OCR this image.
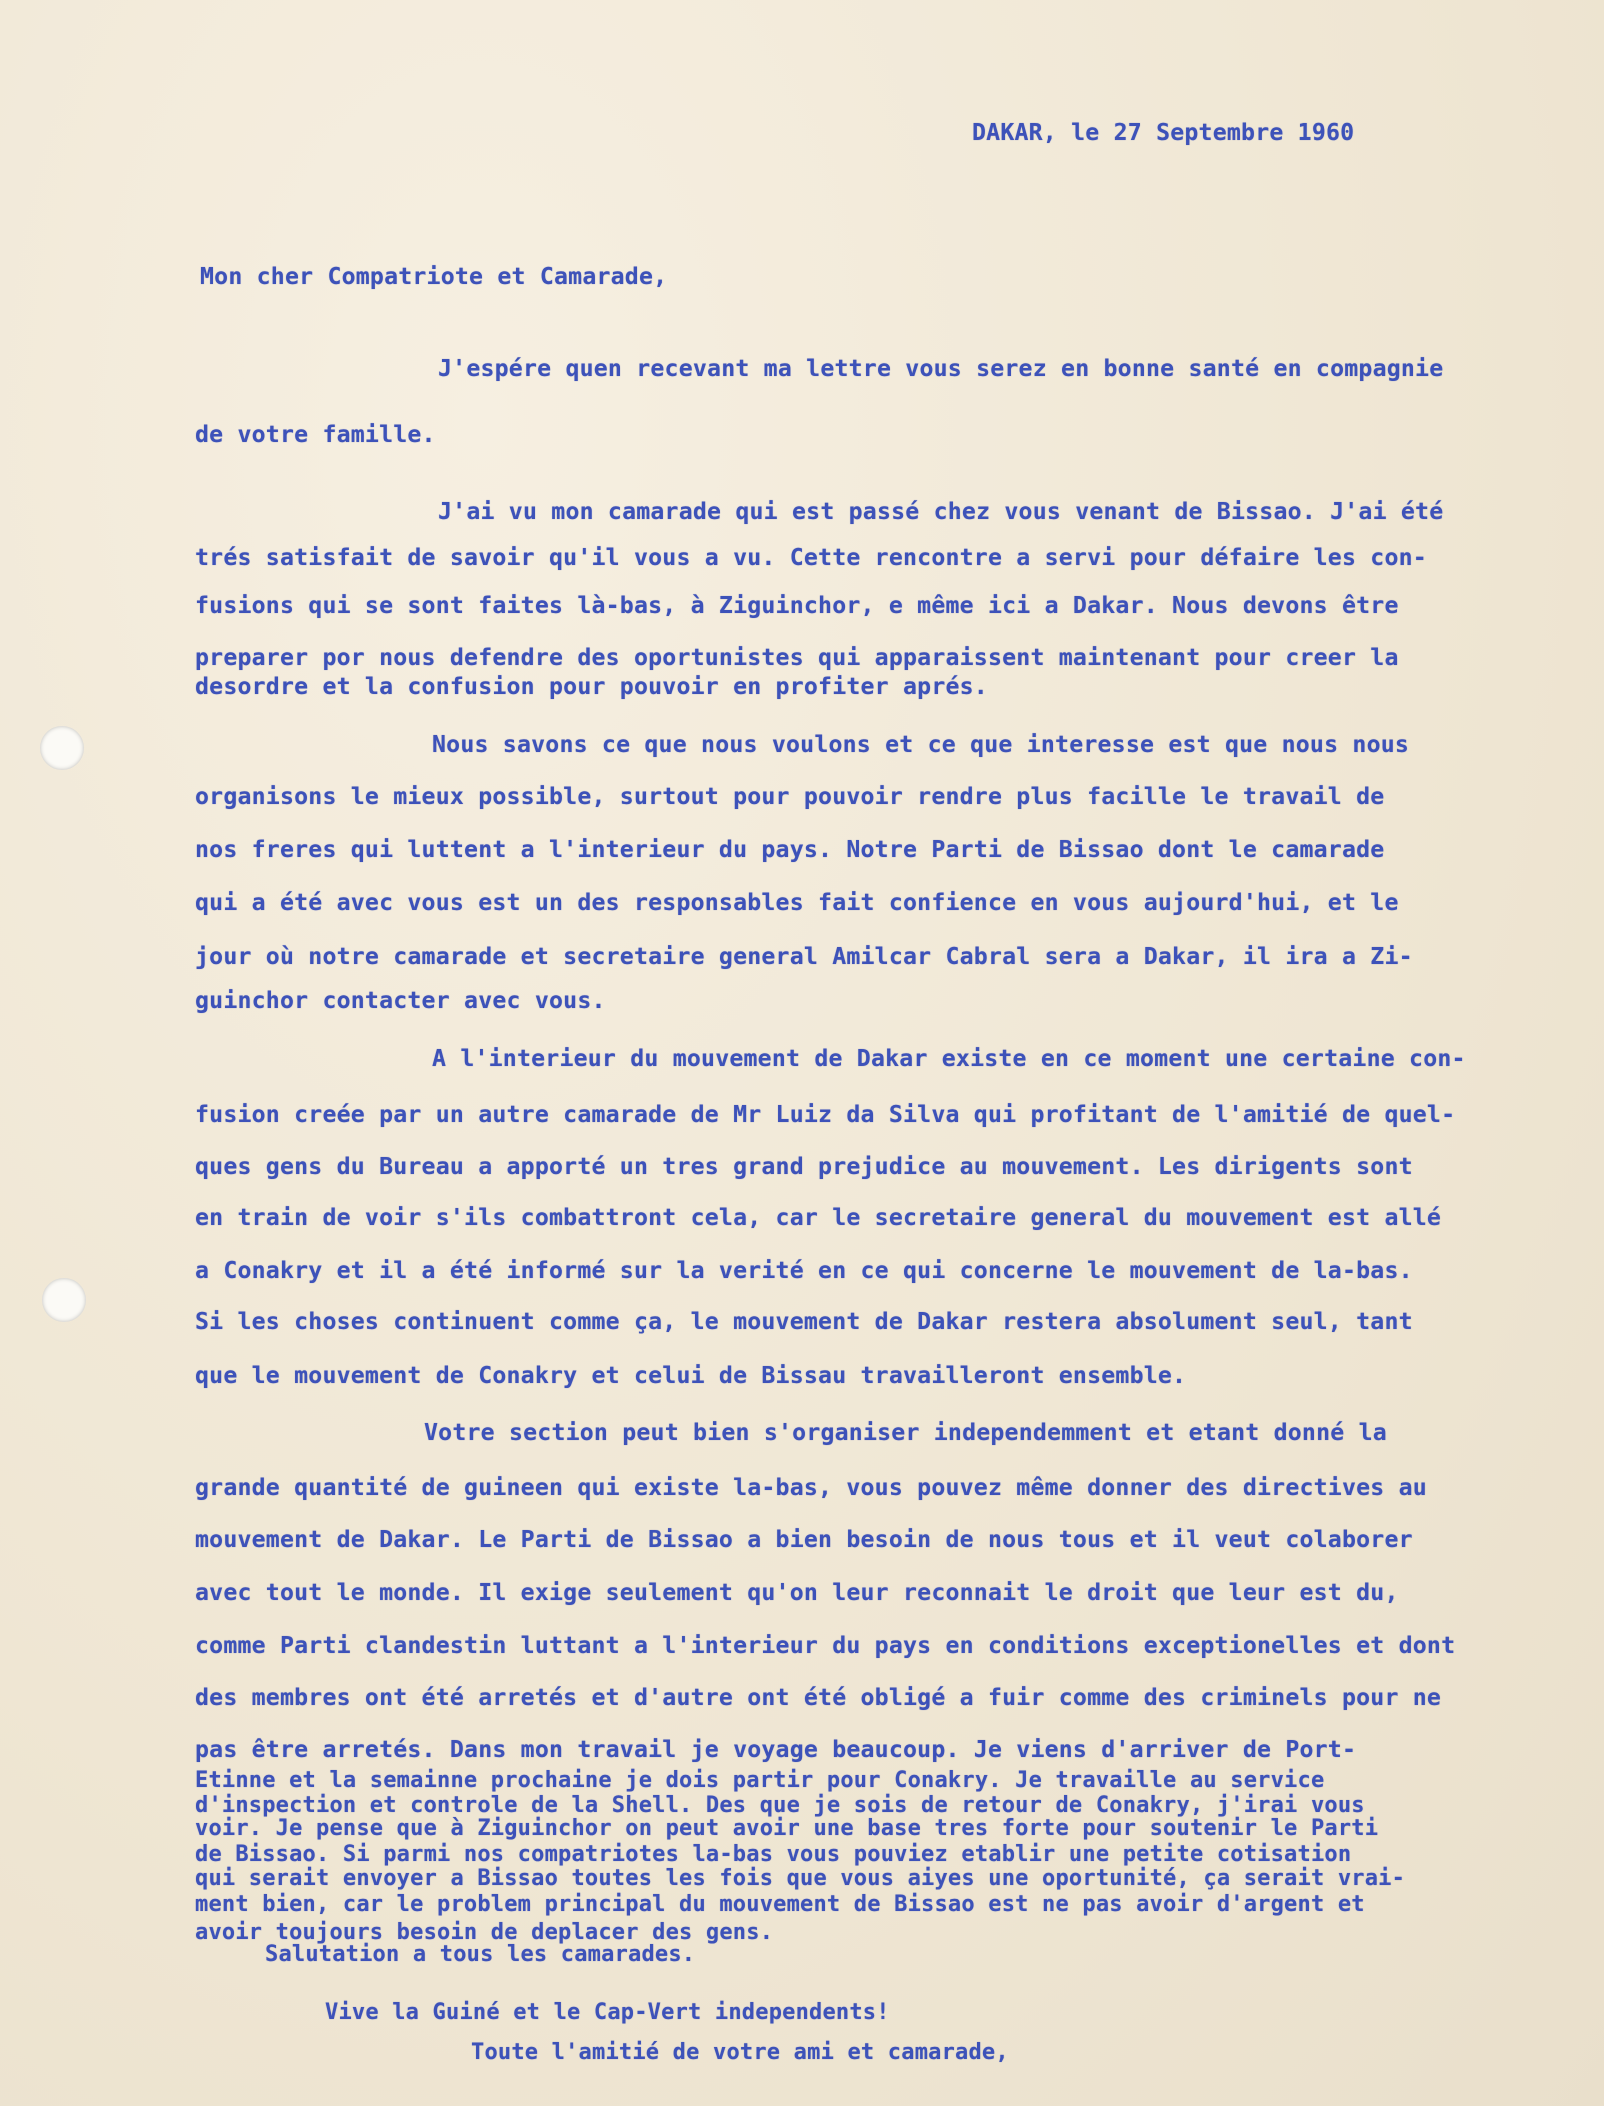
DAKAR, le 27 Septembre 1960

Mon cher Compatriote et Camarade,

J'espére quen recevant ma lettre vous serez en bonne santé en compagnie

de votre famille.

J'ai vu mon camarade qui est passé chez vous venant de Bissao. J'ai été

trés satisfait de savoir qu'il vous a vu. Cette rencontre a servi pour défaire les con-

fusions qui se sont faites là-bas, à Ziguinchor, e même ici a Dakar. Nous devons être

preparer por nous defendre des oportunistes qui apparaissent maintenant pour creer la

desordre et la confusion pour pouvoir en profiter aprés.

Nous savons ce que nous voulons et ce que interesse est que nous nous

organisons le mieux possible, surtout pour pouvoir rendre plus facille le travail de

nos freres qui luttent a l'interieur du pays. Notre Parti de Bissao dont le camarade

qui a été avec vous est un des responsables fait confience en vous aujourd'hui, et le

jour où notre camarade et secretaire general Amilcar Cabral sera a Dakar, il ira a Zi-

guinchor contacter avec vous.

A l'interieur du mouvement de Dakar existe en ce moment une certaine con-

fusion creée par un autre camarade de Mr Luiz da Silva qui profitant de l'amitié de quel-

ques gens du Bureau a apporté un tres grand prejudice au mouvement. Les dirigents sont

en train de voir s'ils combattront cela, car le secretaire general du mouvement est allé

a Conakry et il a été informé sur la verité en ce qui concerne le mouvement de la-bas.

Si les choses continuent comme ça, le mouvement de Dakar restera absolument seul, tant

que le mouvement de Conakry et celui de Bissau travailleront ensemble.

Votre section peut bien s'organiser independemment et etant donné la

grande quantité de guineen qui existe la-bas, vous pouvez même donner des directives au

mouvement de Dakar. Le Parti de Bissao a bien besoin de nous tous et il veut colaborer

avec tout le monde. Il exige seulement qu'on leur reconnait le droit que leur est du,

comme Parti clandestin luttant a l'interieur du pays en conditions exceptionelles et dont

des membres ont été arretés et d'autre ont été obligé a fuir comme des criminels pour ne

pas être arretés. Dans mon travail je voyage beaucoup. Je viens d'arriver de Port-

Etinne et la semainne prochaine je dois partir pour Conakry. Je travaille au service

d'inspection et controle de la Shell. Des que je sois de retour de Conakry, j'irai vous

voir. Je pense que à Ziguinchor on peut avoir une base tres forte pour soutenir le Parti

de Bissao. Si parmi nos compatriotes la-bas vous pouviez etablir une petite cotisation

qui serait envoyer a Bissao toutes les fois que vous aiyes une oportunité, ça serait vrai-

ment bien, car le problem principal du mouvement de Bissao est ne pas avoir d'argent et

avoir toujours besoin de deplacer des gens.

Salutation a tous les camarades.

Vive la Guiné et le Cap-Vert independents!

Toute l'amitié de votre ami et camarade,
